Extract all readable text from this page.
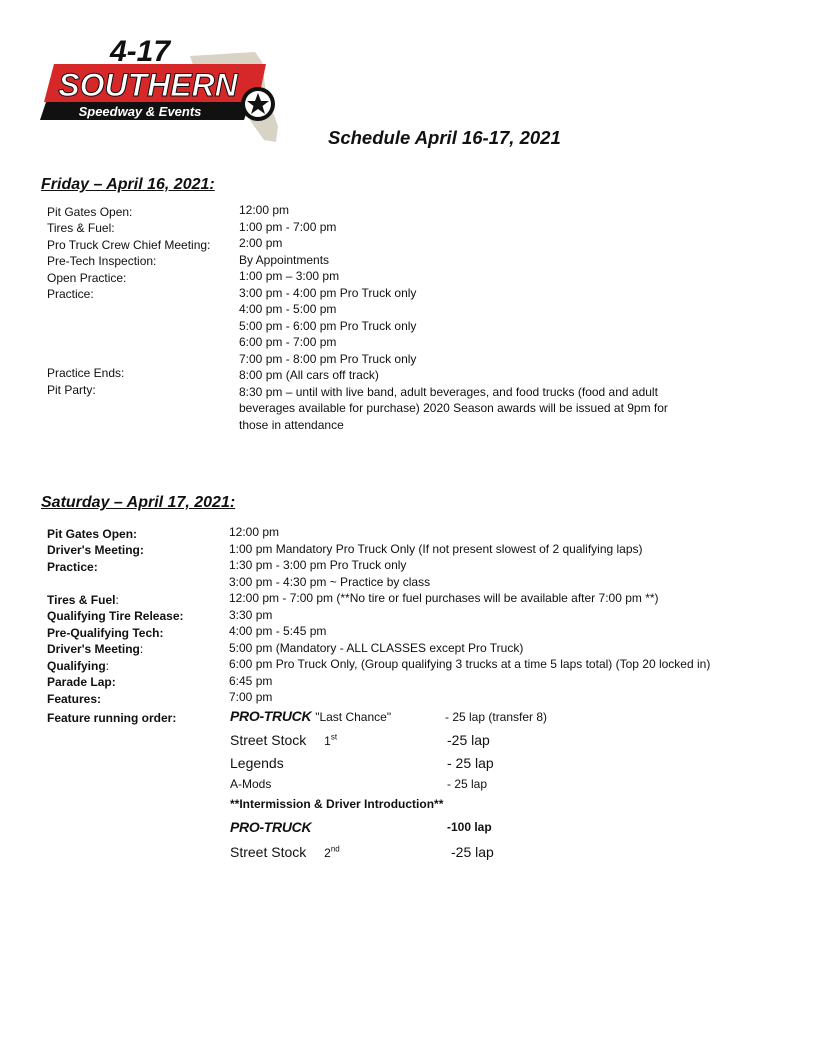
4-17
SOUTHERN
Speedway & Events
Schedule April 16-17, 2021
Friday – April 16, 2021:
Pit Gates Open:	12:00 pm
Tires & Fuel:	1:00 pm - 7:00 pm
Pro Truck Crew Chief Meeting: 2:00 pm
Pre-Tech Inspection:	By Appointments
Open Practice:	1:00 pm – 3:00 pm
Practice:	3:00 pm - 4:00 pm Pro Truck only
4:00 pm - 5:00 pm
5:00 pm - 6:00 pm Pro Truck only
6:00 pm - 7:00 pm
7:00 pm - 8:00 pm Pro Truck only
Practice Ends:	8:00 pm (All cars off track)
Pit Party:	8:30 pm – until with live band, adult beverages, and food trucks (food and adult beverages available for purchase) 2020 Season awards will be issued at 9pm for those in attendance
Saturday – April 17, 2021:
Pit Gates Open:	12:00 pm
Driver's Meeting:	1:00 pm Mandatory Pro Truck Only (If not present slowest of 2 qualifying laps)
Practice:	1:30 pm - 3:00 pm Pro Truck only
3:00 pm - 4:30 pm ~ Practice by class
Tires & Fuel:	12:00 pm - 7:00 pm (**No tire or fuel purchases will be available after 7:00 pm **)
Qualifying Tire Release:	3:30 pm
Pre-Qualifying Tech:	4:00 pm - 5:45 pm
Driver's Meeting:	5:00 pm (Mandatory - ALL CLASSES except Pro Truck)
Qualifying:	6:00 pm Pro Truck Only, (Group qualifying 3 trucks at a time 5 laps total) (Top 20 locked in)
Parade Lap:	6:45 pm
Features:	7:00 pm
Feature running order:	PRO-TRUCK "Last Chance"	- 25 lap (transfer 8)
Street Stock 1st	-25 lap
Legends	- 25 lap
A-Mods	- 25 lap
**Intermission & Driver Introduction**
PRO-TRUCK	-100 lap
Street Stock 2nd	-25 lap
